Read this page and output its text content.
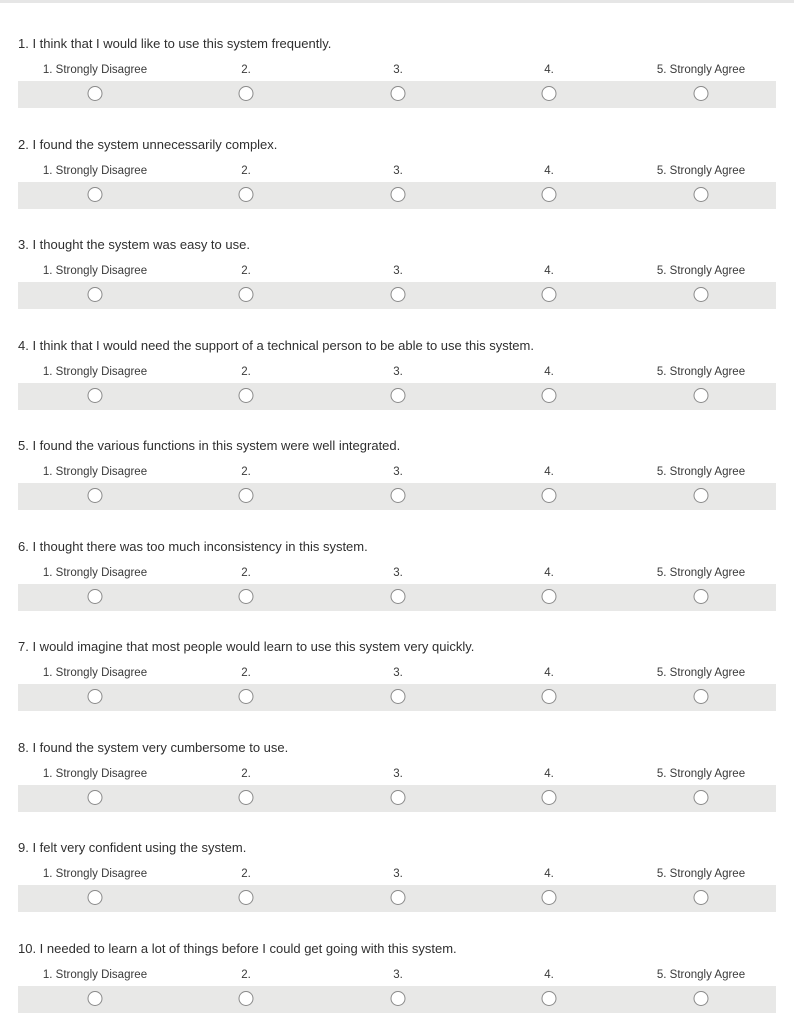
1. I think that I would like to use this system frequently.
1. Strongly Disagree	2.	3.	4.	5. Strongly Agree
2. I found the system unnecessarily complex.
1. Strongly Disagree	2.	3.	4.	5. Strongly Agree
3. I thought the system was easy to use.
1. Strongly Disagree	2.	3.	4.	5. Strongly Agree
4. I think that I would need the support of a technical person to be able to use this system.
1. Strongly Disagree	2.	3.	4.	5. Strongly Agree
5. I found the various functions in this system were well integrated.
1. Strongly Disagree	2.	3.	4.	5. Strongly Agree
6. I thought there was too much inconsistency in this system.
1. Strongly Disagree	2.	3.	4.	5. Strongly Agree
7. I would imagine that most people would learn to use this system very quickly.
1. Strongly Disagree	2.	3.	4.	5. Strongly Agree
8. I found the system very cumbersome to use.
1. Strongly Disagree	2.	3.	4.	5. Strongly Agree
9. I felt very confident using the system.
1. Strongly Disagree	2.	3.	4.	5. Strongly Agree
10. I needed to learn a lot of things before I could get going with this system.
1. Strongly Disagree	2.	3.	4.	5. Strongly Agree
